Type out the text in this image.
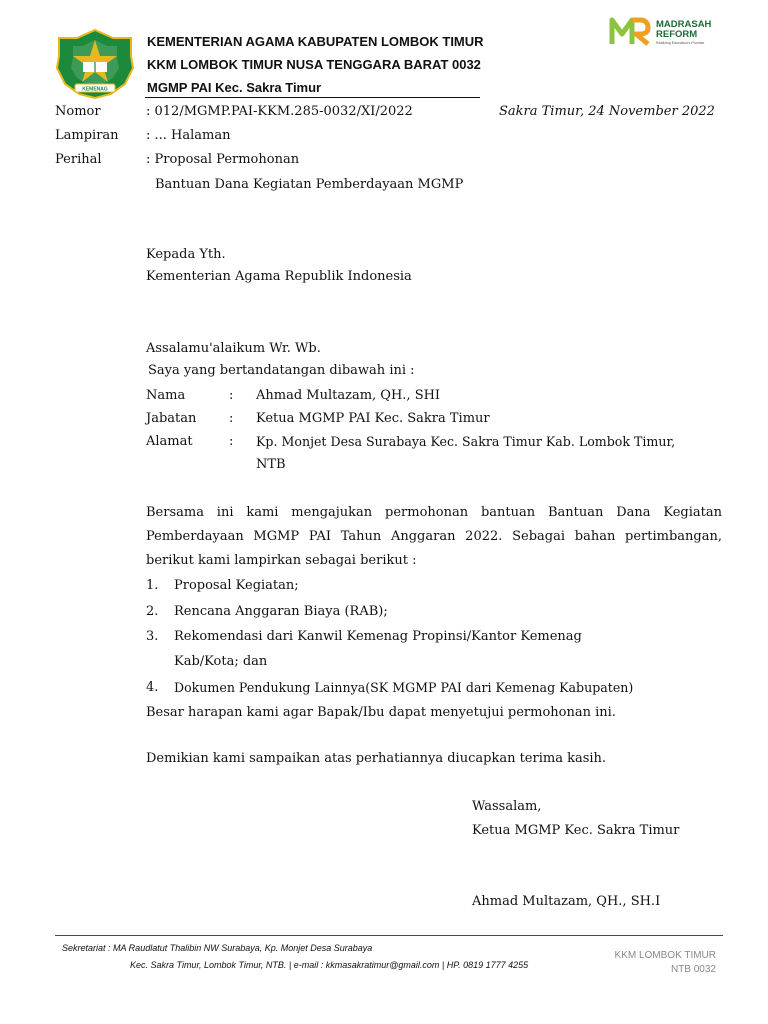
KEMENAG
KEMENTERIAN AGAMA KABUPATEN LOMBOK TIMUR
KKM LOMBOK TIMUR NUSA TENGGARA BARAT 0032
MGMP PAI Kec. Sakra Timur
MADRASAH
REFORM
Realizing Education's Promise
Nomor	: 012/MGMP.PAI-KKM.285-0032/XI/2022	Sakra Timur, 24 November 2022
Lampiran : ... Halaman
Perihal	: Proposal Permohonan
Bantuan Dana Kegiatan Pemberdayaan MGMP
Kepada Yth.
Kementerian Agama Republik Indonesia
Assalamu'alaikum Wr. Wb.
Saya yang bertandatangan dibawah ini :
Nama	: Ahmad Multazam, QH., SHI
Jabatan	: Ketua MGMP PAI Kec. Sakra Timur
Alamat	: Kp. Monjet Desa Surabaya Kec. Sakra Timur Kab. Lombok Timur,
NTB
Bersama ini kami mengajukan permohonan bantuan Bantuan Dana Kegiatan
Pemberdayaan MGMP PAI Tahun Anggaran 2022. Sebagai bahan pertimbangan,
berikut kami lampirkan sebagai berikut :
1. Proposal Kegiatan;
2. Rencana Anggaran Biaya (RAB);
3. Rekomendasi dari Kanwil Kemenag Propinsi/Kantor Kemenag
Kab/Kota; dan
4. Dokumen Pendukung Lainnya(SK MGMP PAI dari Kemenag Kabupaten)
Besar harapan kami agar Bapak/Ibu dapat menyetujui permohonan ini.
Demikian kami sampaikan atas perhatiannya diucapkan terima kasih.
Wassalam,
Ketua MGMP Kec. Sakra Timur
Ahmad Multazam, QH., SH.I
Sekretariat : MA Raudlatut Thalibin NW Surabaya, Kp. Monjet Desa Surabaya
Kec. Sakra Timur, Lombok Timur, NTB. | e-mail : kkmasakratimur@gmail.com | HP. 0819 1777 4255
KKM LOMBOK TIMUR
NTB 0032
